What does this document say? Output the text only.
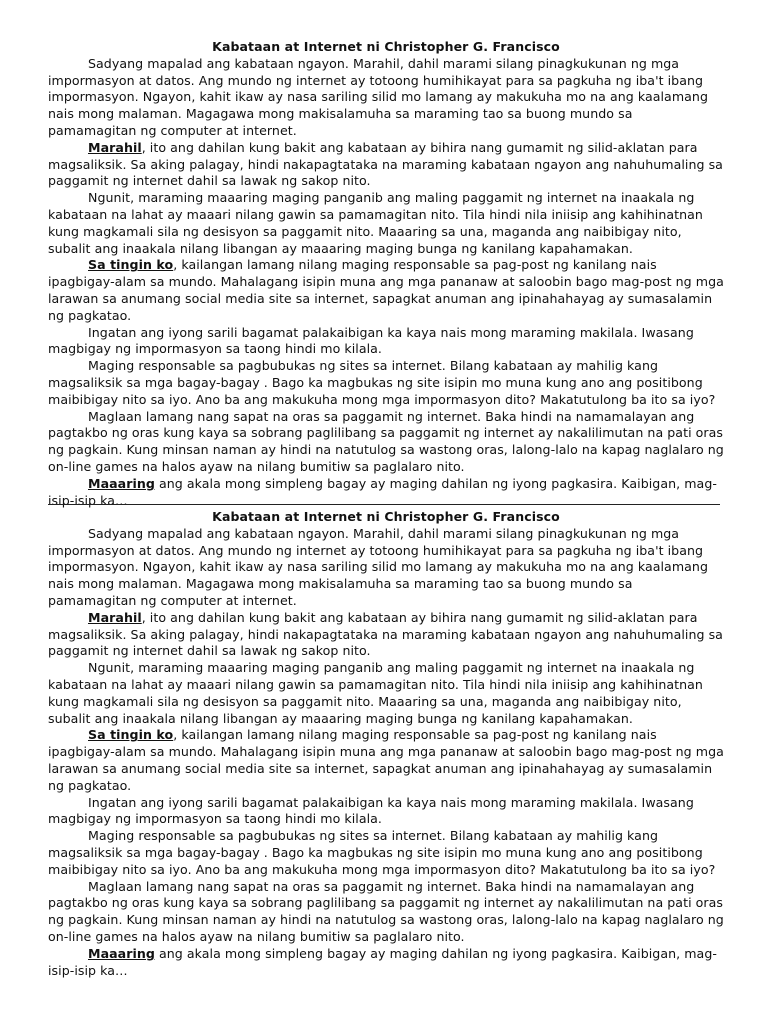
Kabataan at Internet ni Christopher G. Francisco

Sadyang mapalad ang kabataan ngayon. Marahil, dahil marami silang pinagkukunan ng mga impormasyon at datos. Ang mundo ng internet ay totoong humihikayat para sa pagkuha ng iba't ibang impormasyon. Ngayon, kahit ikaw ay nasa sariling silid mo lamang ay makukuha mo na ang kaalamang nais mong malaman. Magagawa mong makisalamuha sa maraming tao sa buong mundo sa pamamagitan ng computer at internet.

Marahil, ito ang dahilan kung bakit ang kabataan ay bihira nang gumamit ng silid-aklatan para magsaliksik. Sa aking palagay, hindi nakapagtataka na maraming kabataan ngayon ang nahuhumaling sa paggamit ng internet dahil sa lawak ng sakop nito.

Ngunit, maraming maaaring maging panganib ang maling paggamit ng internet na inaakala ng kabataan na lahat ay maaari nilang gawin sa pamamagitan nito. Tila hindi nila iniisip ang kahihinatnan kung magkamali sila ng desisyon sa paggamit nito. Maaaring sa una, maganda ang naibibigay nito, subalit ang inaakala nilang libangan ay maaaring maging bunga ng kanilang kapahamakan.

Sa tingin ko, kailangan lamang nilang maging responsable sa pag-post ng kanilang nais ipagbigay-alam sa mundo. Mahalagang isipin muna ang mga pananaw at saloobin bago mag-post ng mga larawan sa anumang social media site sa internet, sapagkat anuman ang ipinahahayag ay sumasalamin ng pagkatao.

Ingatan ang iyong sarili bagamat palakaibigan ka kaya nais mong maraming makilala. Iwasang magbigay ng impormasyon sa taong hindi mo kilala.

Maging responsable sa pagbubukas ng sites sa internet. Bilang kabataan ay mahilig kang magsaliksik sa mga bagay-bagay . Bago ka magbukas ng site isipin mo muna kung ano ang positibong maibibigay nito sa iyo. Ano ba ang makukuha mong mga impormasyon dito? Makatutulong ba ito sa iyo?

Maglaan lamang nang sapat na oras sa paggamit ng internet. Baka hindi na namamalayan ang pagtakbo ng oras kung kaya sa sobrang paglilibang sa paggamit ng internet ay nakalilimutan na pati oras ng pagkain. Kung minsan naman ay hindi na natutulog sa wastong oras, lalong-lalo na kapag naglalaro ng on-line games na halos ayaw na nilang bumitiw sa paglalaro nito.

Maaaring ang akala mong simpleng bagay ay maging dahilan ng iyong pagkasira. Kaibigan, mag-isip-isip ka…

Kabataan at Internet ni Christopher G. Francisco

Sadyang mapalad ang kabataan ngayon. Marahil, dahil marami silang pinagkukunan ng mga impormasyon at datos. Ang mundo ng internet ay totoong humihikayat para sa pagkuha ng iba't ibang impormasyon. Ngayon, kahit ikaw ay nasa sariling silid mo lamang ay makukuha mo na ang kaalamang nais mong malaman. Magagawa mong makisalamuha sa maraming tao sa buong mundo sa pamamagitan ng computer at internet.

Marahil, ito ang dahilan kung bakit ang kabataan ay bihira nang gumamit ng silid-aklatan para magsaliksik. Sa aking palagay, hindi nakapagtataka na maraming kabataan ngayon ang nahuhumaling sa paggamit ng internet dahil sa lawak ng sakop nito.

Ngunit, maraming maaaring maging panganib ang maling paggamit ng internet na inaakala ng kabataan na lahat ay maaari nilang gawin sa pamamagitan nito. Tila hindi nila iniisip ang kahihinatnan kung magkamali sila ng desisyon sa paggamit nito. Maaaring sa una, maganda ang naibibigay nito, subalit ang inaakala nilang libangan ay maaaring maging bunga ng kanilang kapahamakan.

Sa tingin ko, kailangan lamang nilang maging responsable sa pag-post ng kanilang nais ipagbigay-alam sa mundo. Mahalagang isipin muna ang mga pananaw at saloobin bago mag-post ng mga larawan sa anumang social media site sa internet, sapagkat anuman ang ipinahahayag ay sumasalamin ng pagkatao.

Ingatan ang iyong sarili bagamat palakaibigan ka kaya nais mong maraming makilala. Iwasang magbigay ng impormasyon sa taong hindi mo kilala.

Maging responsable sa pagbubukas ng sites sa internet. Bilang kabataan ay mahilig kang magsaliksik sa mga bagay-bagay . Bago ka magbukas ng site isipin mo muna kung ano ang positibong maibibigay nito sa iyo. Ano ba ang makukuha mong mga impormasyon dito? Makatutulong ba ito sa iyo?

Maglaan lamang nang sapat na oras sa paggamit ng internet. Baka hindi na namamalayan ang pagtakbo ng oras kung kaya sa sobrang paglilibang sa paggamit ng internet ay nakalilimutan na pati oras ng pagkain. Kung minsan naman ay hindi na natutulog sa wastong oras, lalong-lalo na kapag naglalaro ng on-line games na halos ayaw na nilang bumitiw sa paglalaro nito.

Maaaring ang akala mong simpleng bagay ay maging dahilan ng iyong pagkasira. Kaibigan, mag-isip-isip ka…
